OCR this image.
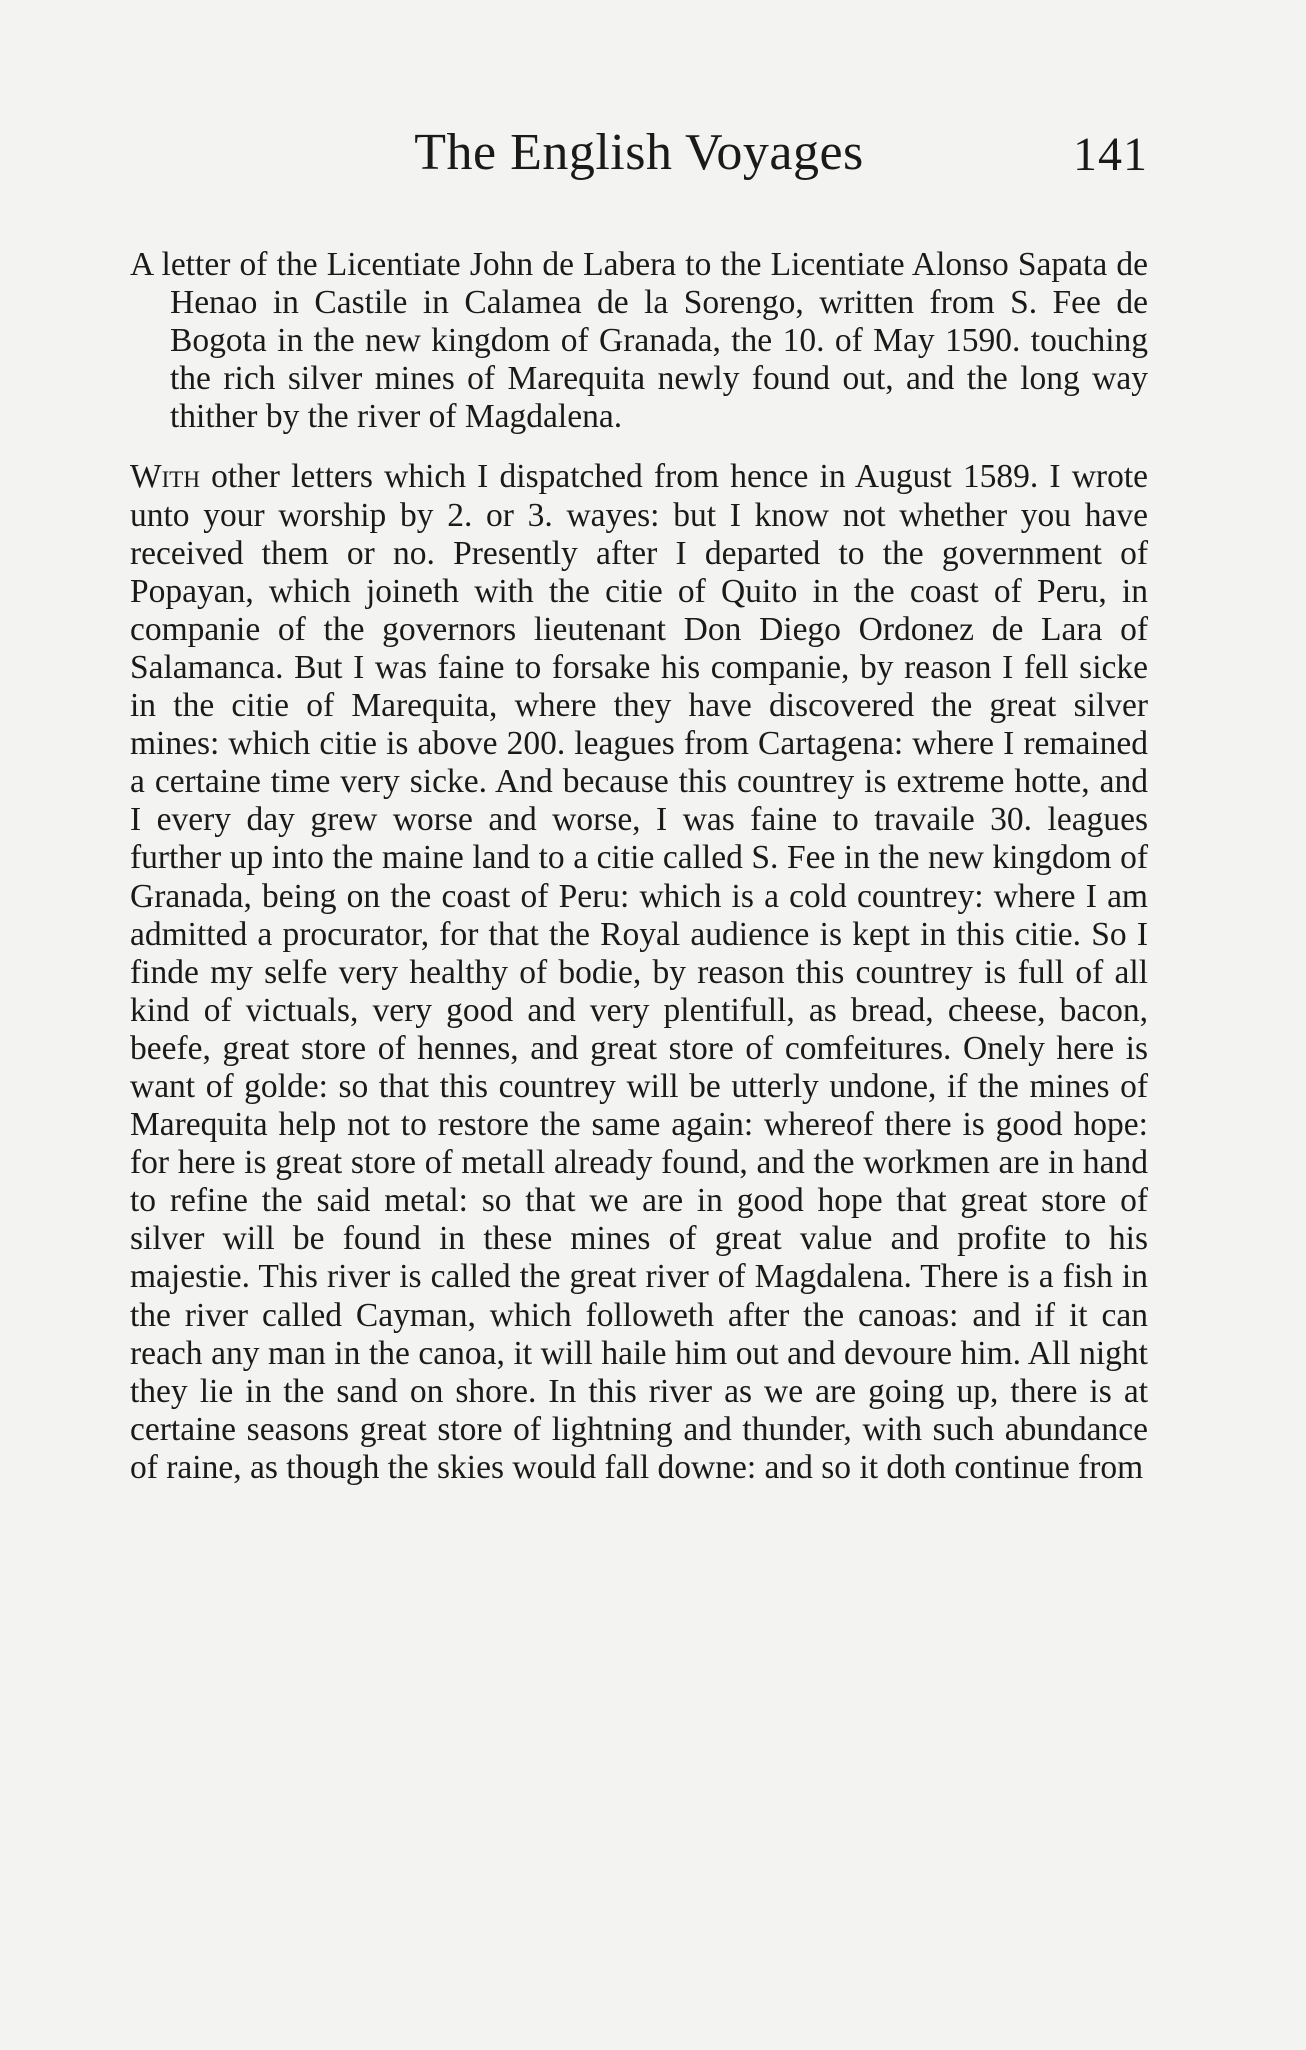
The English Voyages	141

A letter of the Licentiate John de Labera to the Licentiate Alonso Sapata de Henao in Castile in Calamea de la Sorengo, written from S. Fee de Bogota in the new kingdom of Granada, the 10. of May 1590. touching the rich silver mines of Marequita newly found out, and the long way thither by the river of Magdalena.

With other letters which I dispatched from hence in August 1589. I wrote unto your worship by 2. or 3. wayes: but I know not whether you have received them or no. Presently after I departed to the government of Popayan, which joineth with the citie of Quito in the coast of Peru, in companie of the governors lieutenant Don Diego Ordonez de Lara of Salamanca. But I was faine to forsake his companie, by reason I fell sicke in the citie of Marequita, where they have discovered the great silver mines: which citie is above 200. leagues from Cartagena: where I remained a certaine time very sicke. And because this countrey is extreme hotte, and I every day grew worse and worse, I was faine to travaile 30. leagues further up into the maine land to a citie called S. Fee in the new kingdom of Granada, being on the coast of Peru: which is a cold countrey: where I am admitted a procurator, for that the Royal audience is kept in this citie. So I finde my selfe very healthy of bodie, by reason this countrey is full of all kind of victuals, very good and very plentifull, as bread, cheese, bacon, beefe, great store of hennes, and great store of comfeitures. Onely here is want of golde: so that this countrey will be utterly undone, if the mines of Marequita help not to restore the same again: whereof there is good hope: for here is great store of metall already found, and the workmen are in hand to refine the said metal: so that we are in good hope that great store of silver will be found in these mines of great value and profite to his majestie. This river is called the great river of Magdalena. There is a fish in the river called Cayman, which followeth after the canoas: and if it can reach any man in the canoa, it will haile him out and devoure him. All night they lie in the sand on shore. In this river as we are going up, there is at certaine seasons great store of lightning and thunder, with such abundance of raine, as though the skies would fall downe: and so it doth continue from
